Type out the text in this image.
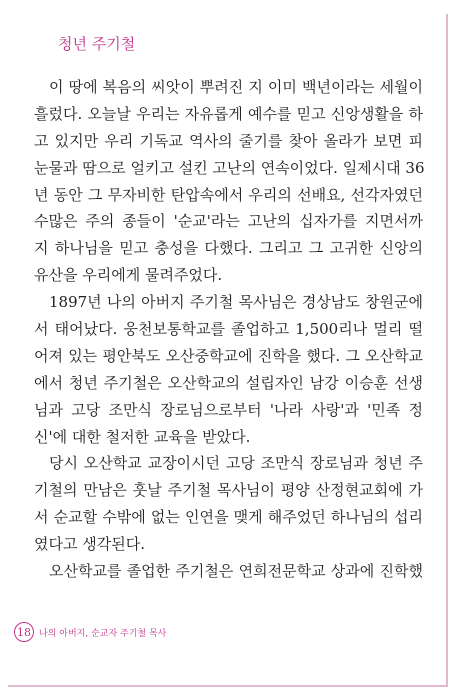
청년 주기철
이 땅에 복음의 씨앗이 뿌려진 지 이미 백년이라는 세월이
흘렀다. 오늘날 우리는 자유롭게 예수를 믿고 신앙생활을 하
고 있지만 우리 기독교 역사의 줄기를 찾아 올라가 보면 피
눈물과 땀으로 얼키고 설킨 고난의 연속이었다. 일제시대 36
년 동안 그 무자비한 탄압속에서 우리의 선배요, 선각자였던
수많은 주의 종들이 '순교'라는 고난의 십자가를 지면서까
지 하나님을 믿고 충성을 다했다. 그리고 그 고귀한 신앙의
유산을 우리에게 물려주었다.
1897년 나의 아버지 주기철 목사님은 경상남도 창원군에
서 태어났다. 웅천보통학교를 졸업하고 1,500리나 멀리 떨
어져 있는 평안북도 오산중학교에 진학을 했다. 그 오산학교
에서 청년 주기철은 오산학교의 설립자인 남강 이승훈 선생
님과 고당 조만식 장로님으로부터 '나라 사랑'과 '민족 정
신'에 대한 철저한 교육을 받았다.
당시 오산학교 교장이시던 고당 조만식 장로님과 청년 주
기철의 만남은 훗날 주기철 목사님이 평양 산정현교회에 가
서 순교할 수밖에 없는 인연을 맺게 해주었던 하나님의 섭리
였다고 생각된다.
오산학교를 졸업한 주기철은 연희전문학교 상과에 진학했
18 나의 아버지, 순교자 주기철 목사
